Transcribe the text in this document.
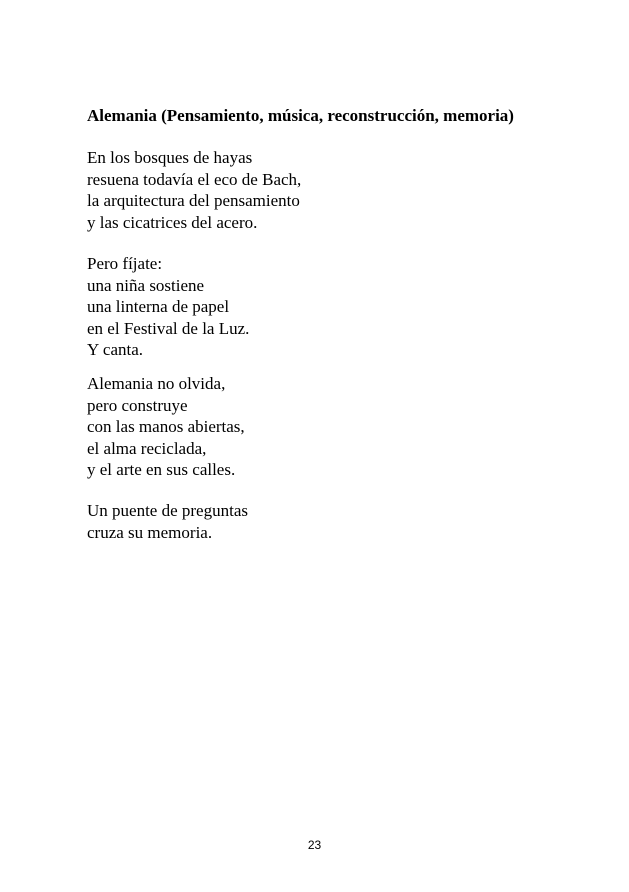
Alemania (Pensamiento, música, reconstrucción, memoria)
En los bosques de hayas
resuena todavía el eco de Bach,
la arquitectura del pensamiento
y las cicatrices del acero.
Pero fíjate:
una niña sostiene
una linterna de papel
en el Festival de la Luz.
Y canta.
Alemania no olvida,
pero construye
con las manos abiertas,
el alma reciclada,
y el arte en sus calles.
Un puente de preguntas
cruza su memoria.
23
